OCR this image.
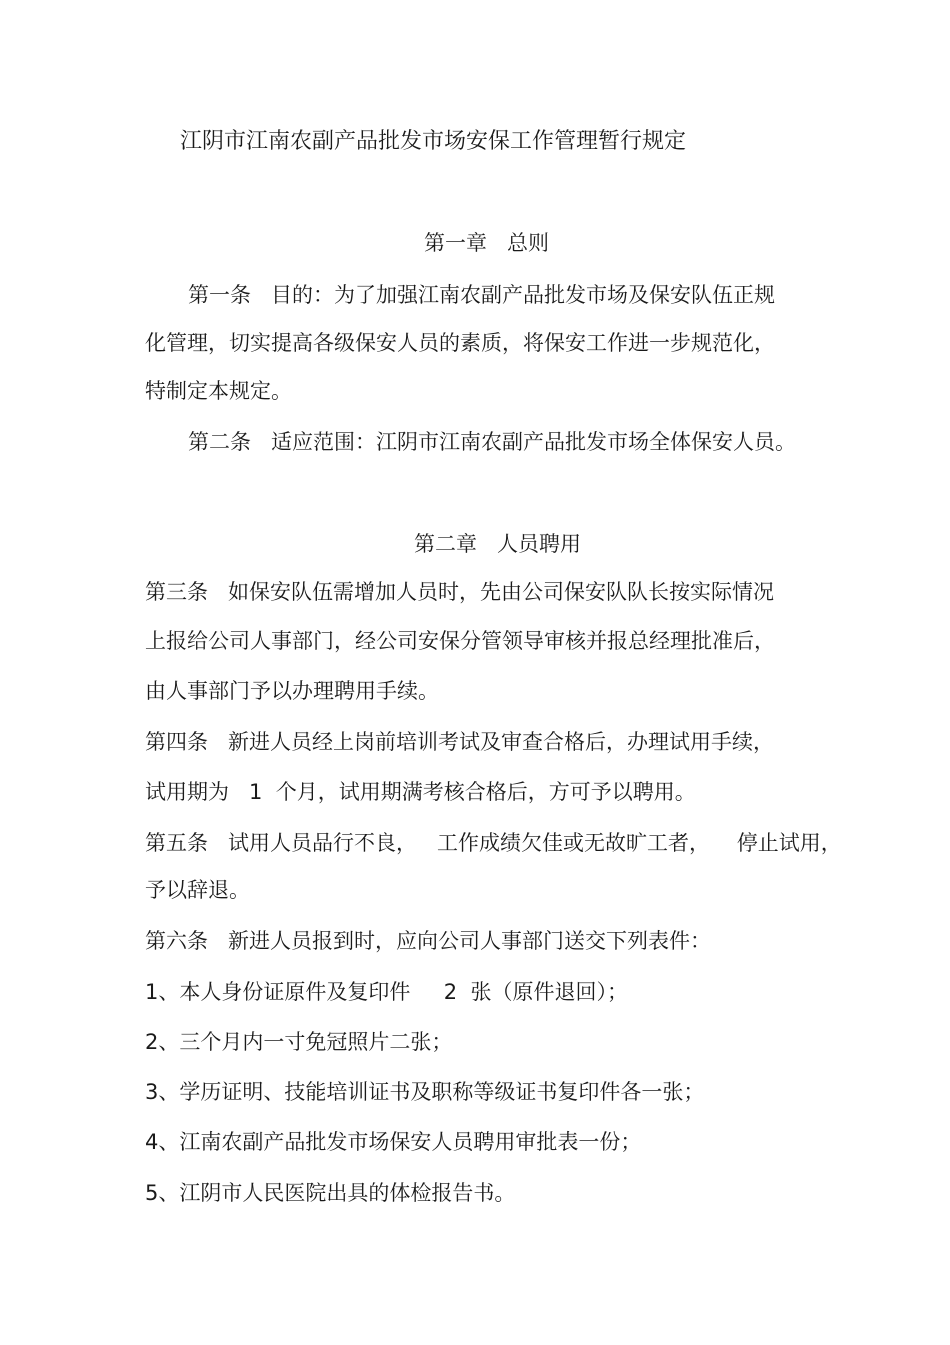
江阴市江南农副产品批发市场安保工作管理暂行规定
第一章   总则
第一条   目的：为了加强江南农副产品批发市场及保安队伍正规
化管理，切实提高各级保安人员的素质，将保安工作进一步规范化，
特制定本规定。
第二条   适应范围：江阴市江南农副产品批发市场全体保安人员。
第二章   人员聘用
第三条   如保安队伍需增加人员时，先由公司保安队队长按实际情况
上报给公司人事部门，经公司安保分管领导审核并报总经理批准后，
由人事部门予以办理聘用手续。
第四条   新进人员经上岗前培训考试及审查合格后，办理试用手续，
试用期为   1  个月，试用期满考核合格后，方可予以聘用。
第五条   试用人员品行不良，   工作成绩欠佳或无故旷工者，    停止试用，
予以辞退。
第六条   新进人员报到时，应向公司人事部门送交下列表件：
1、本人身份证原件及复印件     2  张（原件退回）；
2、三个月内一寸免冠照片二张；
3、学历证明、技能培训证书及职称等级证书复印件各一张；
4、江南农副产品批发市场保安人员聘用审批表一份；
5、江阴市人民医院出具的体检报告书。
